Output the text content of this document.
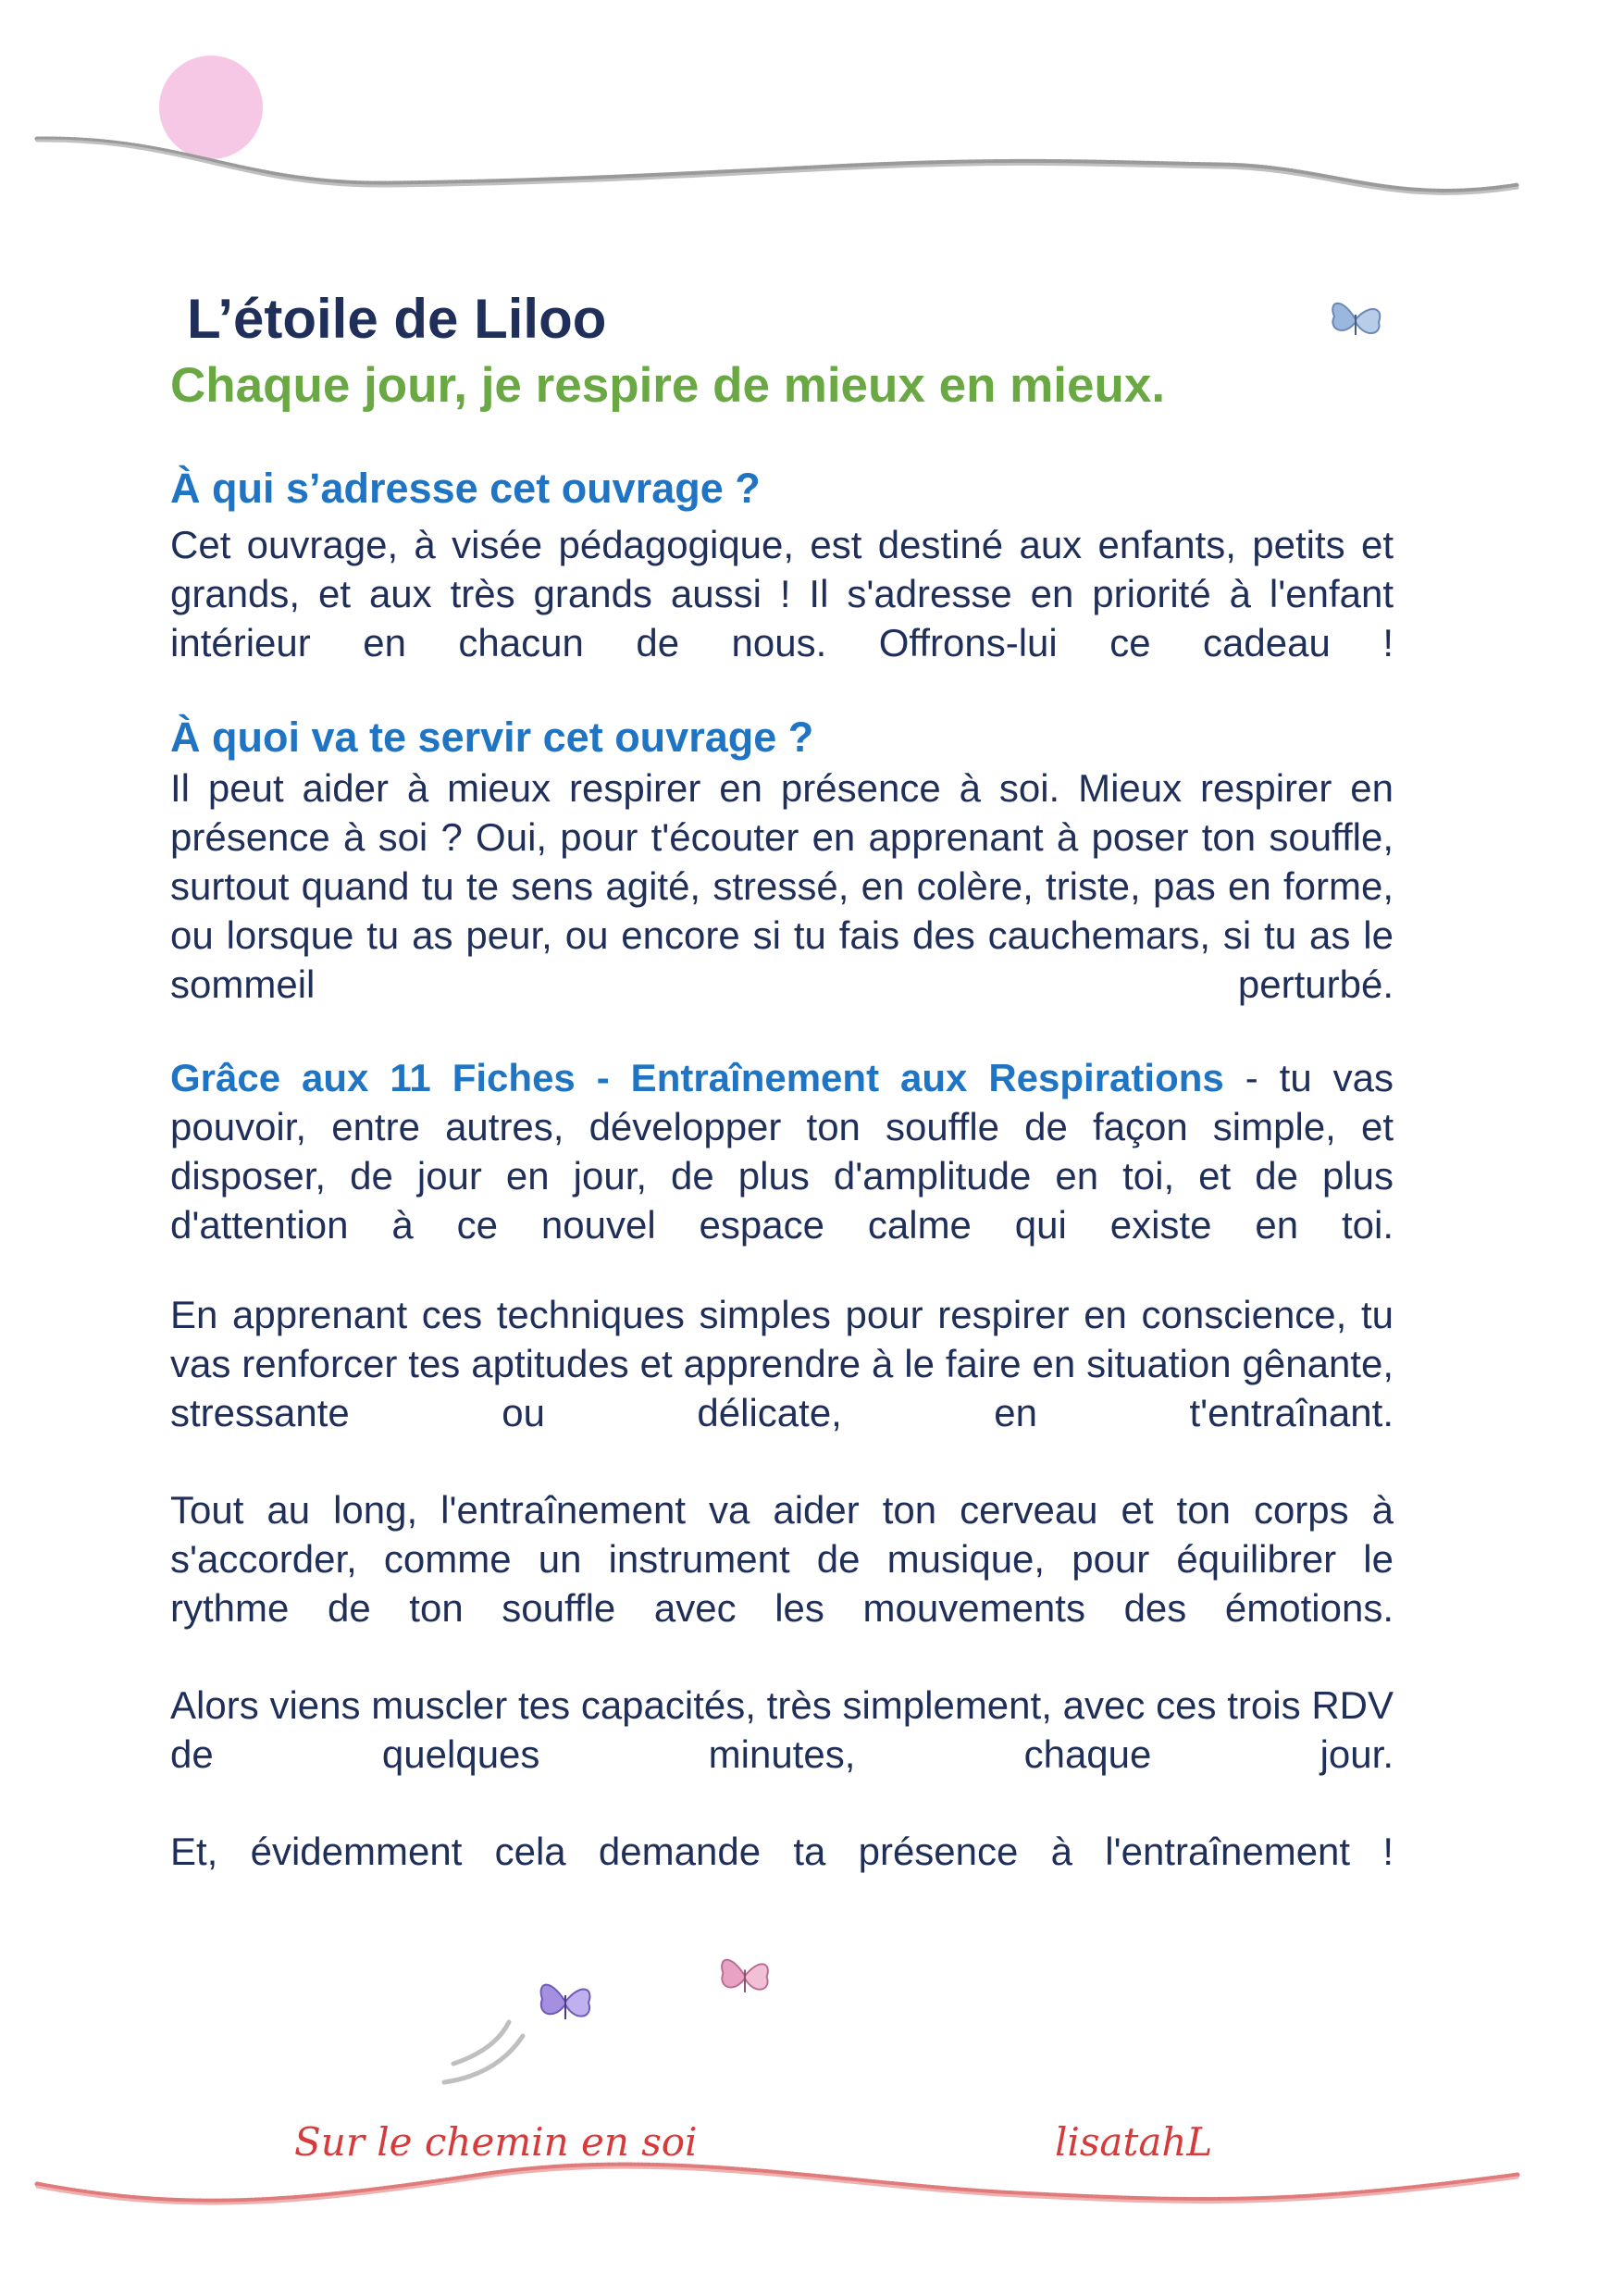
L’étoile de Liloo
Chaque jour, je respire de mieux en mieux.
À qui s’adresse cet ouvrage ?

Cet ouvrage, à visée pédagogique, est destiné aux enfants, petits et grands, et aux très grands aussi ! Il s'adresse en priorité à l'enfant intérieur en chacun de nous. Offrons-lui ce cadeau !

À quoi va te servir cet ouvrage ?

Il peut aider à mieux respirer en présence à soi. Mieux respirer en présence à soi ? Oui, pour t'écouter en apprenant à poser ton souffle, surtout quand tu te sens agité, stressé, en colère, triste, pas en forme, ou lorsque tu as peur, ou encore si tu fais des cauchemars, si tu as le sommeil perturbé.

Grâce aux 11 Fiches - Entraînement aux Respirations - tu vas pouvoir, entre autres, développer ton souffle de façon simple, et disposer, de jour en jour, de plus d'amplitude en toi, et de plus d'attention à ce nouvel espace calme qui existe en toi.

En apprenant ces techniques simples pour respirer en conscience, tu vas renforcer tes aptitudes et apprendre à le faire en situation gênante, stressante ou délicate, en t'entraînant.

Tout au long, l'entraînement va aider ton cerveau et ton corps à s'accorder, comme un instrument de musique, pour équilibrer le rythme de ton souffle avec les mouvements des émotions.

Alors viens muscler tes capacités, très simplement, avec ces trois RDV de quelques minutes, chaque jour.

Et, évidemment cela demande ta présence à l'entraînement !

Sur le chemin en soi	lisatahL
